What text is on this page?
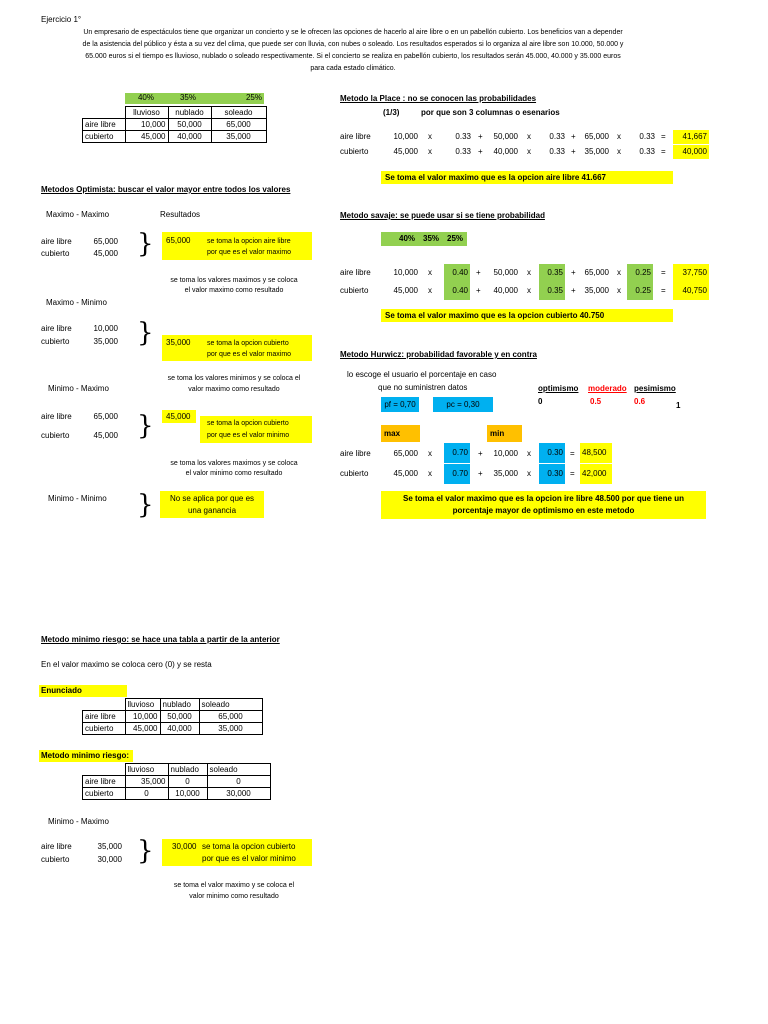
Ejercicio 1°
Un empresario de espectáculos tiene que organizar un concierto y se le ofrecen las opciones de hacerlo al aire libre o en un pabellón cubierto. Los beneficios van a depender
de la asistencia del público y ésta a su vez del clima, que puede ser con lluvia, con nubes o soleado. Los resultados esperados si lo organiza al aire libre son 10.000, 50.000 y
65.000 euros si el tiempo es lluvioso, nublado o soleado respectivamente. Si el concierto se realiza en pabellón cubierto, los resultados serán 45.000, 40.000 y 35.000 euros
para cada estado climático.
40%	35%	25%
	lluvioso	nublado	soleado
aire libre	10,000	50,000	65,000
cubierto	45,000	40,000	35,000
Metodo la Place : no se conocen las probabilidades
(1/3)	por que son 3 columnas o esenarios
aire libre	10,000 x	0.33 +	50,000 x	0.33 +	65,000 x	0.33 =	41,667
cubierto	45,000 x	0.33 +	40,000 x	0.33 +	35,000 x	0.33 =	40,000
Se toma el valor maximo que es la opcion aire libre 41.667
Metodos Optimista: buscar el valor mayor entre todos los valores
Maximo - Maximo	Resultados
aire libre	65,000
cubierto	45,000 } 65,000 se toma la opcion aire libre
por que es el valor maximo
se toma los valores maximos y se coloca
el valor maximo como resultado
Maximo - Minimo
aire libre	10,000
cubierto	35,000 } 35,000 se toma la opcion cubierto
por que es el valor maximo
se toma los valores minimos y se coloca el
valor maximo como resultado
Minimo - Maximo
aire libre	65,000
cubierto	45,000 } 45,000
se toma la opcion cubierto
por que es el valor minimo
se toma los valores maximos y se coloca
el valor minimo como resultado
Minimo - Minimo }	No se aplica por que es
una ganancia
Metodo savaje: se puede usar si se tiene probabilidad
40% 35% 25%
aire libre	10,000 x	0.40 +	50,000 x	0.35 +	65,000 x	0.25 =	37,750
cubierto	45,000 x	0.40 +	40,000 x	0.35 +	35,000 x	0.25 =	40,750
Se toma el valor maximo que es la opcion cubierto 40.750
Metodo Hurwicz: probabilidad favorable y en contra
lo escoge el usuario el porcentaje en caso
que no suministren datos	optimismo moderado pesimismo
pf = 0,70	pc = 0,30	0	0.5	0.6	1
max	min
aire libre	65,000 x	0.70 +	10,000 x	0.30 = 48,500
cubierto	45,000 x	0.70 +	35,000 x	0.30 = 42,000
Se toma el valor maximo que es la opcion ire libre 48.500 por que tiene un
porcentaje mayor de optimismo en este metodo
Metodo minimo riesgo: se hace una tabla a partir de la anterior
En el valor maximo se coloca cero (0) y se resta
Enunciado
	lluvioso	nublado	soleado
aire libre	10,000	50,000	65,000
cubierto	45,000	40,000	35,000
Metodo minimo riesgo:
	lluvioso	nublado	soleado
aire libre	35,000	0	0
cubierto	0	10,000	30,000
Minimo - Maximo
aire libre	35,000
cubierto	30,000 } 30,000 se toma la opcion cubierto
por que es el valor minimo
se toma el valor maximo y se coloca el
valor minimo como resultado
